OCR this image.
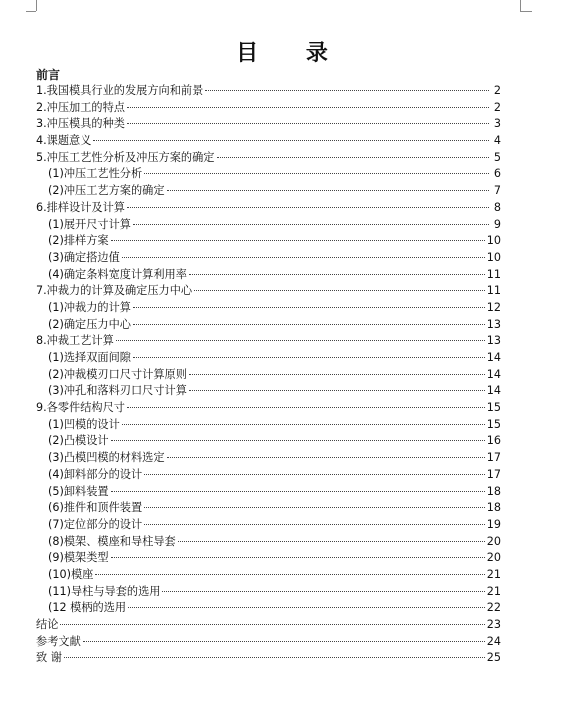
目 录
前言
1.我国模具行业的发展方向和前景	2
2.冲压加工的特点	2
3.冲压模具的种类	3
4.课题意义	4
5.冲压工艺性分析及冲压方案的确定	5
(1)冲压工艺性分析	6
(2)冲压工艺方案的确定	7
6.排样设计及计算	8
(1)展开尺寸计算	9
(2)排样方案	10
(3)确定搭边值	10
(4)确定条料宽度计算利用率	11
7.冲裁力的计算及确定压力中心	11
(1)冲裁力的计算	12
(2)确定压力中心	13
8.冲裁工艺计算	13
(1)选择双面间隙	14
(2)冲裁模刃口尺寸计算原则	14
(3)冲孔和落料刃口尺寸计算	14
9.各零件结构尺寸	15
(1)凹模的设计	15
(2)凸模设计	16
(3)凸模凹模的材料选定	17
(4)卸料部分的设计	17
(5)卸料装置	18
(6)推件和顶件装置	18
(7)定位部分的设计	19
(8)模架、模座和导柱导套	20
(9)模架类型	20
(10)模座	21
(11)导柱与导套的选用	21
(12 模柄的选用	22
结论	23
参考文献	24
致 谢	25
